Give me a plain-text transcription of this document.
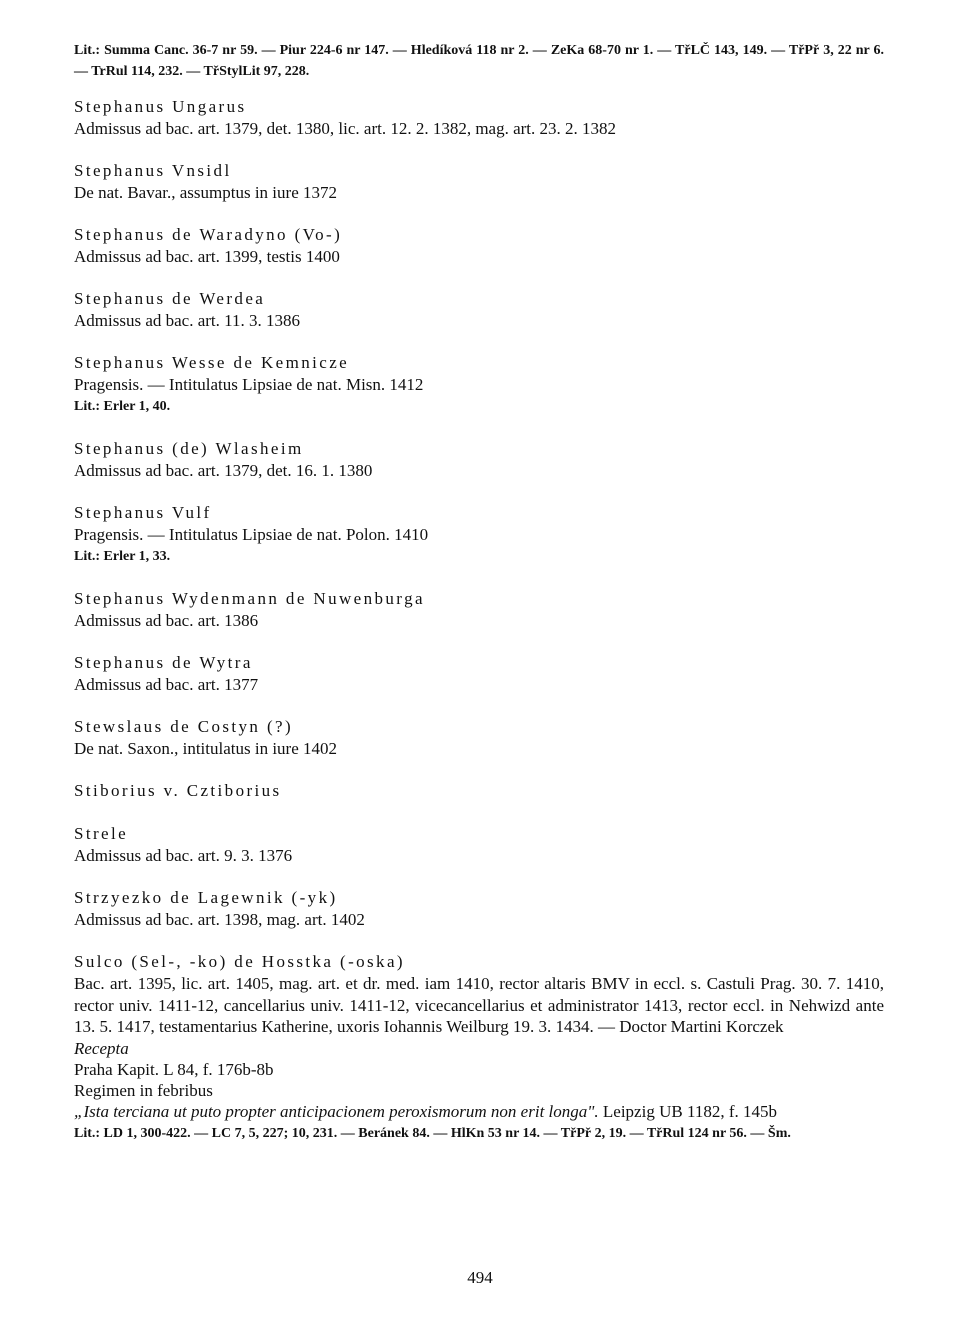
Lit.: Summa Canc. 36-7 nr 59. — Piur 224-6 nr 147. — Hledíková 118 nr 2. — ZeKa 68-70 nr 1. — TřLČ 143, 149. — TřPř 3, 22 nr 6. — TrRul 114, 232. — TřStylLit 97, 228.

Stephanus Ungarus

Admissus ad bac. art. 1379, det. 1380, lic. art. 12. 2. 1382, mag. art. 23. 2. 1382

Stephanus Vnsidl

De nat. Bavar., assumptus in iure 1372

Stephanus de Waradyno (Vo-)

Admissus ad bac. art. 1399, testis 1400

Stephanus de Werdea

Admissus ad bac. art. 11. 3. 1386

Stephanus Wesse de Kemnicze

Pragensis. — Intitulatus Lipsiae de nat. Misn. 1412

Lit.: Erler 1, 40.

Stephanus (de) Wlasheim

Admissus ad bac. art. 1379, det. 16. 1. 1380

Stephanus Vulf

Pragensis. — Intitulatus Lipsiae de nat. Polon. 1410

Lit.: Erler 1, 33.

Stephanus Wydenmann de Nuwenburga

Admissus ad bac. art. 1386

Stephanus de Wytra

Admissus ad bac. art. 1377

Stewslaus de Costyn (?)

De nat. Saxon., intitulatus in iure 1402

Stiborius v. Cztiborius

Strele

Admissus ad bac. art. 9. 3. 1376

Strzyezko de Lagewnik (-yk)

Admissus ad bac. art. 1398, mag. art. 1402

Sulco (Sel-, -ko) de Hosstka (-oska)

Bac. art. 1395, lic. art. 1405, mag. art. et dr. med. iam 1410, rector altaris BMV in eccl. s. Castuli Prag. 30. 7. 1410, rector univ. 1411-12, cancellarius univ. 1411-12, vicecancellarius et administrator 1413, rector eccl. in Nehwizd ante 13. 5. 1417, testamentarius Katherine, uxoris Iohannis Weilburg 19. 3. 1434. — Doctor Martini Korczek

Recepta

Praha Kapit. L 84, f. 176b-8b

Regimen in febribus

„Ista terciana ut puto propter anticipacionem peroxismorum non erit longa". Leipzig UB 1182, f. 145b

Lit.: LD 1, 300-422. — LC 7, 5, 227; 10, 231. — Beránek 84. — HlKn 53 nr 14. — TřPř 2, 19. — TřRul 124 nr 56. — Šm.

494
